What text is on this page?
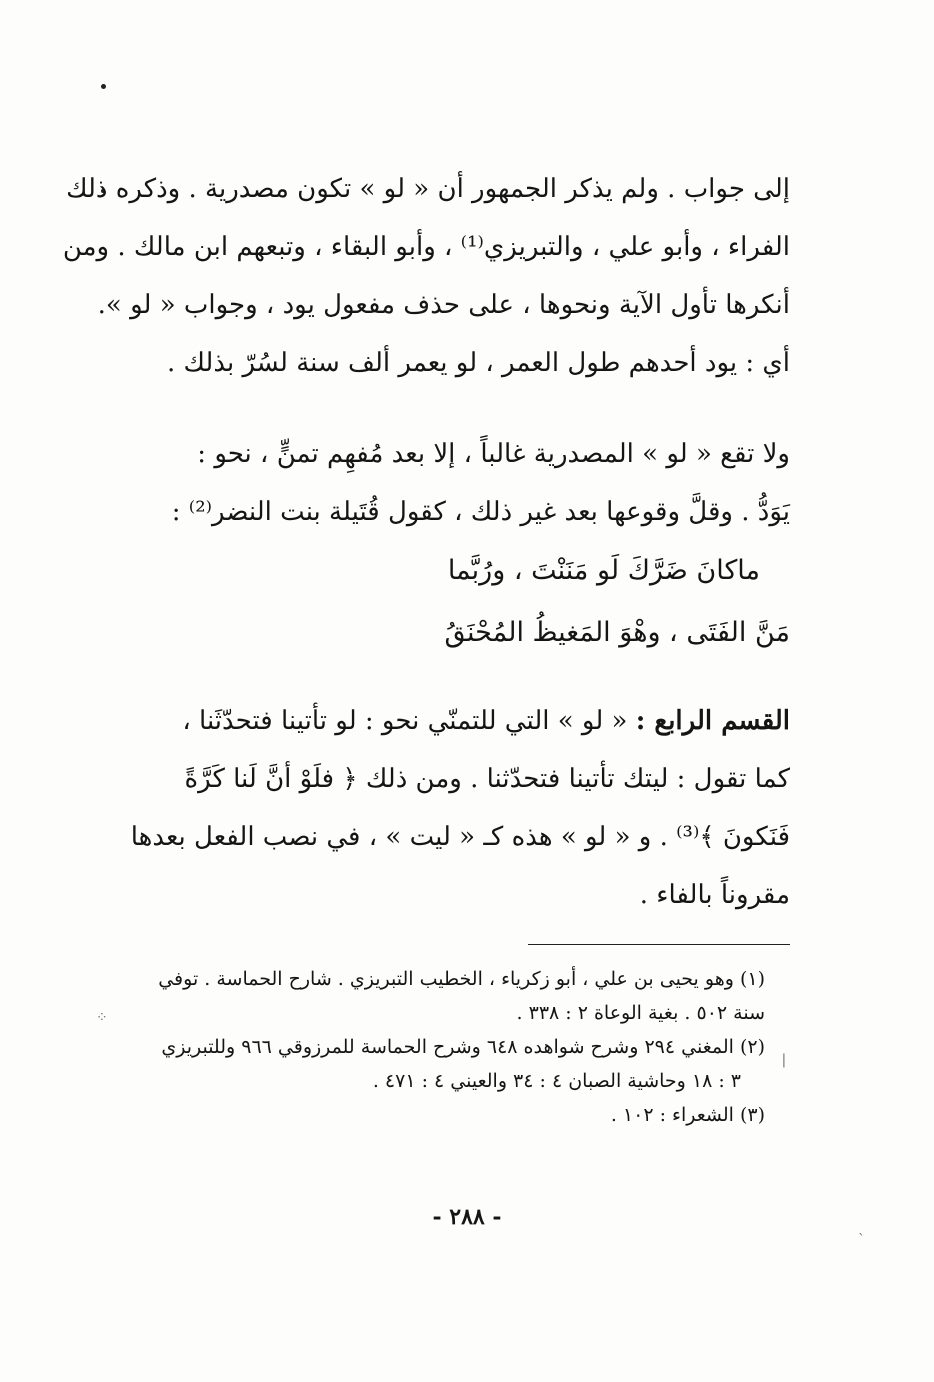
⁘
❘
ˎ
إلى جواب . ولم يذكر الجمهور أن « لو » تكون مصدرية . وذكره ذلك
الفراء ، وأبو علي ، والتبريزي⁽¹⁾ ، وأبو البقاء ، وتبعهم ابن مالك . ومن
أنكرها تأول الآية ونحوها ، على حذف مفعول يود ، وجواب « لو ».
أي : يود أحدهم طول العمر ، لو يعمر ألف سنة لسُرّ بذلك .
ولا تقع « لو » المصدرية غالباً ، إلا بعد مُفهِم تمنٍّ ، نحو :
يَوَدُّ . وقلَّ وقوعها بعد غير ذلك ، كقول قُتَيلة بنت النضر⁽²⁾ :
ماكانَ ضَرَّكَ لَو مَنَنْتَ ، ورُبَّما
مَنَّ الفَتَى ، وهْوَ المَغيظُ المُحْنَقُ
القسم الرابع : « لو » التي للتمنّي نحو : لو تأتينا فتحدّثَنا ،
كما تقول : ليتك تأتينا فتحدّثنا . ومن ذلك ﴿ فلَوْ أنَّ لَنا كَرَّةً
فَنَكونَ ﴾⁽³⁾ . و « لو » هذه كـ « ليت » ، في نصب الفعل بعدها
مقروناً بالفاء .
(١) وهو يحيى بن علي ، أبو زكرياء ، الخطيب التبريزي . شارح الحماسة . توفي
سنة ٥٠٢ . بغية الوعاة ٢ : ٣٣٨ .
(٢) المغني ٢٩٤ وشرح شواهده ٦٤٨ وشرح الحماسة للمرزوقي ٩٦٦ وللتبريزي
٣ : ١٨ وحاشية الصبان ٤ : ٣٤ والعيني ٤ : ٤٧١ .
(٣) الشعراء : ١٠٢ .
- ٢٨٨ -
